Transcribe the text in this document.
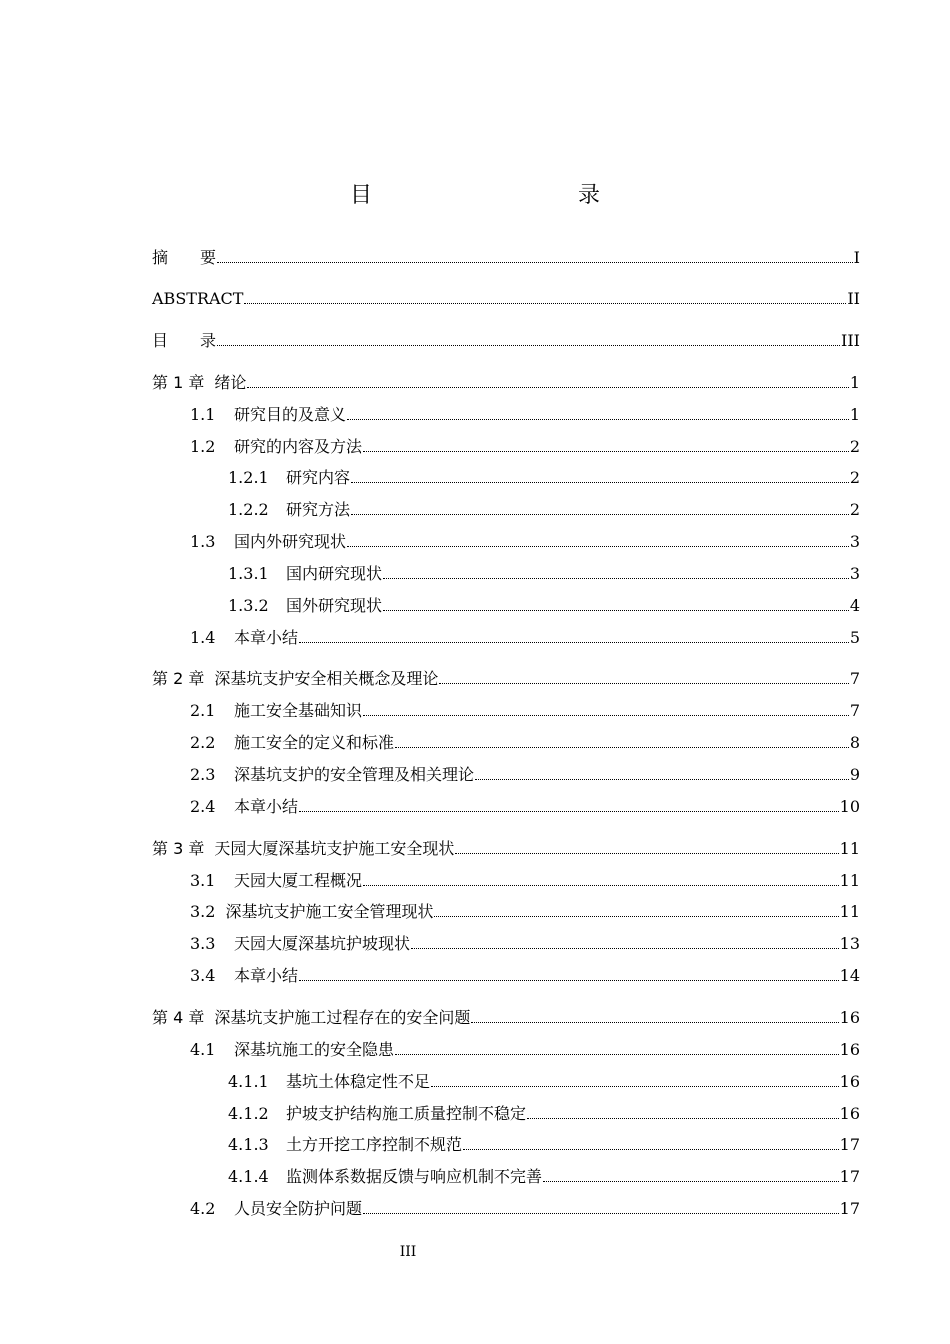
目　　录
摘　　要	I
ABSTRACT	II
目　　录	III
第 1 章 绪论	1
1.1	研究目的及意义	1
1.2	研究的内容及方法	2
1.2.1	研究内容	2
1.2.2	研究方法	2
1.3	国内外研究现状	3
1.3.1	国内研究现状	3
1.3.2	国外研究现状	4
1.4	本章小结	5
第 2 章 深基坑支护安全相关概念及理论	7
2.1	施工安全基础知识	7
2.2	施工安全的定义和标准	8
2.3	深基坑支护的安全管理及相关理论	9
2.4	本章小结	10
第 3 章 天园大厦深基坑支护施工安全现状	11
3.1	天园大厦工程概况	11
3.2 深基坑支护施工安全管理现状	11
3.3	天园大厦深基坑护坡现状	13
3.4	本章小结	14
第 4 章 深基坑支护施工过程存在的安全问题	16
4.1	深基坑施工的安全隐患	16
4.1.1	基坑土体稳定性不足	16
4.1.2	护坡支护结构施工质量控制不稳定	16
4.1.3	土方开挖工序控制不规范	17
4.1.4	监测体系数据反馈与响应机制不完善	17
4.2	人员安全防护问题	17
III
